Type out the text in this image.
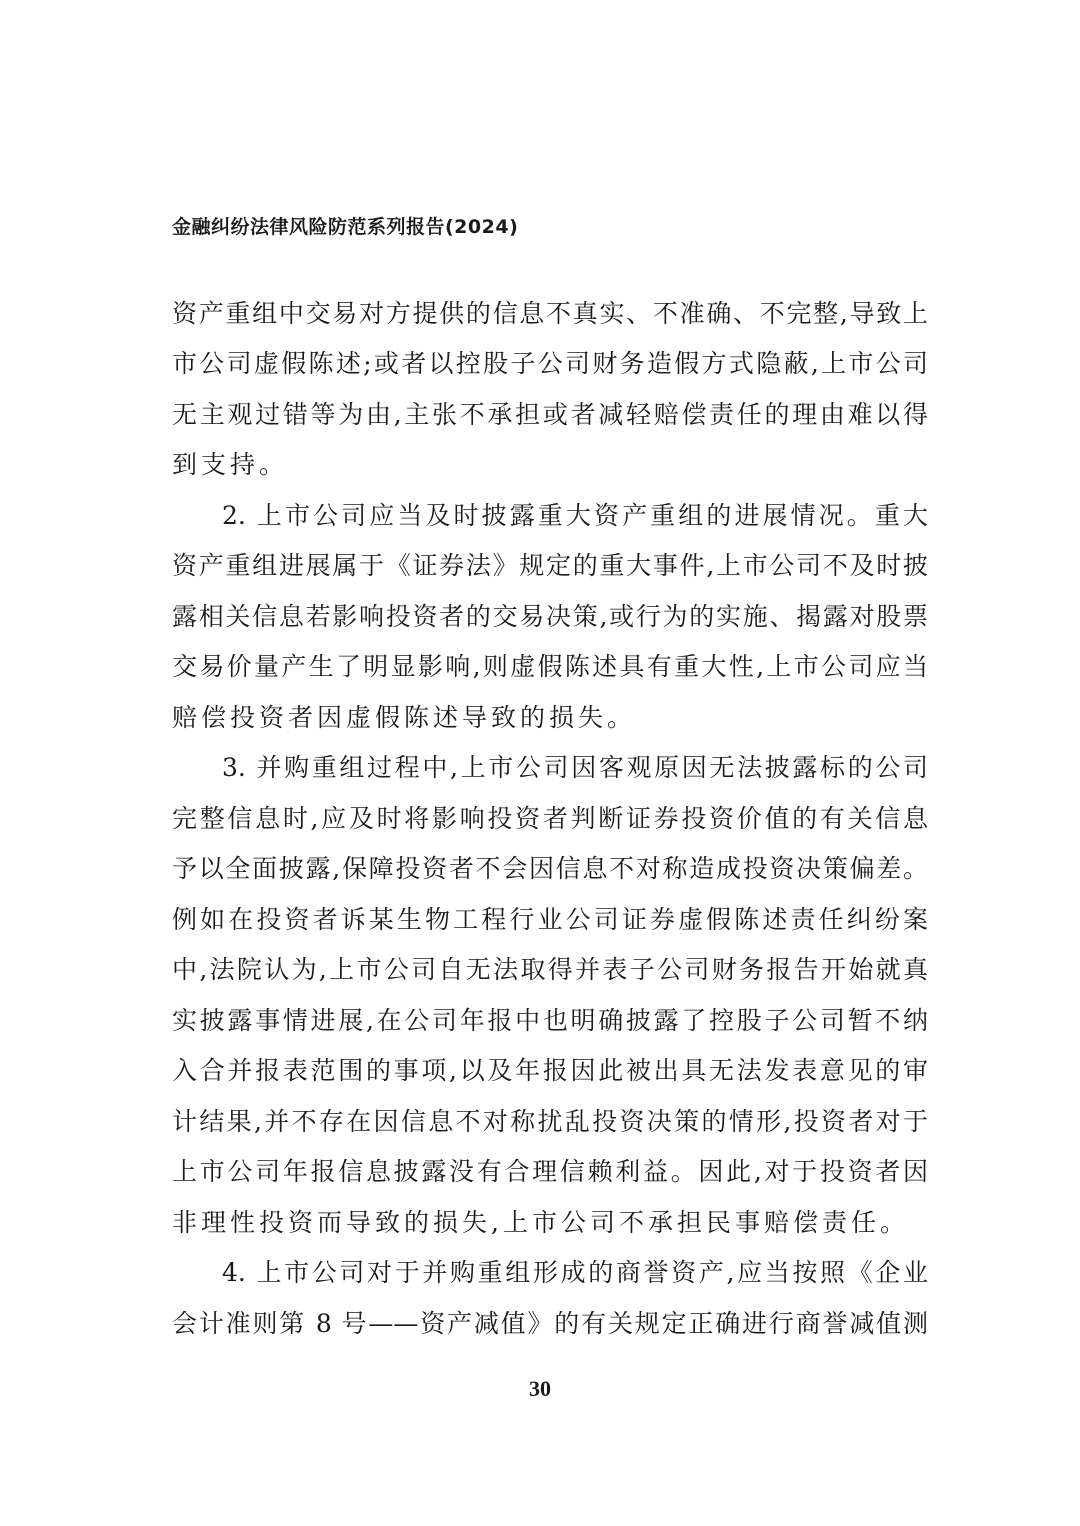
金融纠纷法律风险防范系列报告(2024)
资产重组中交易对方提供的信息不真实、不准确、不完整,导致上
市公司虚假陈述;或者以控股子公司财务造假方式隐蔽,上市公司
无主观过错等为由,主张不承担或者减轻赔偿责任的理由难以得
到支持。
2. 上市公司应当及时披露重大资产重组的进展情况。重大
资产重组进展属于《证券法》规定的重大事件,上市公司不及时披
露相关信息若影响投资者的交易决策,或行为的实施、揭露对股票
交易价量产生了明显影响,则虚假陈述具有重大性,上市公司应当
赔偿投资者因虚假陈述导致的损失。
3. 并购重组过程中,上市公司因客观原因无法披露标的公司
完整信息时,应及时将影响投资者判断证券投资价值的有关信息
予以全面披露,保障投资者不会因信息不对称造成投资决策偏差。
例如在投资者诉某生物工程行业公司证券虚假陈述责任纠纷案
中,法院认为,上市公司自无法取得并表子公司财务报告开始就真
实披露事情进展,在公司年报中也明确披露了控股子公司暂不纳
入合并报表范围的事项,以及年报因此被出具无法发表意见的审
计结果,并不存在因信息不对称扰乱投资决策的情形,投资者对于
上市公司年报信息披露没有合理信赖利益。因此,对于投资者因
非理性投资而导致的损失,上市公司不承担民事赔偿责任。
4. 上市公司对于并购重组形成的商誉资产,应当按照《企业
会计准则第 8 号——资产减值》的有关规定正确进行商誉减值测
30
